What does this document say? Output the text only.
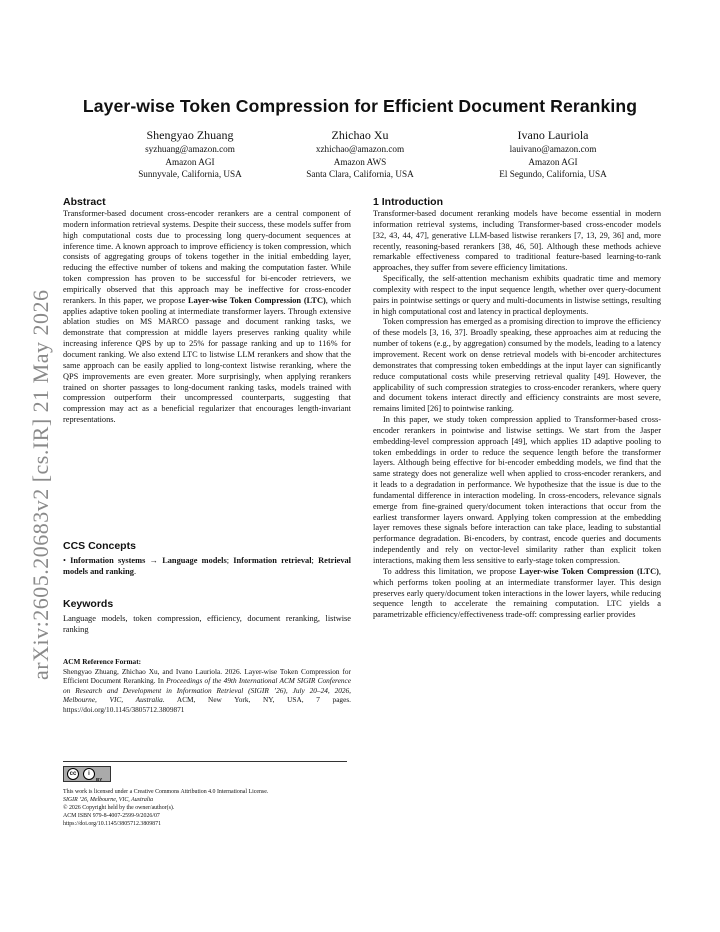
Layer-wise Token Compression for Efficient Document Reranking
Shengyao Zhuang
syzhuang@amazon.com
Amazon AGI
Sunnyvale, California, USA
Zhichao Xu
xzhichao@amazon.com
Amazon AWS
Santa Clara, California, USA
Ivano Lauriola
lauivano@amazon.com
Amazon AGI
El Segundo, California, USA
arXiv:2605.20683v2 [cs.IR] 21 May 2026
Abstract

Transformer-based document cross-encoder rerankers are a central component of modern information retrieval systems. Despite their success, these models suffer from high computational costs due to processing long query-document sequences at inference time. A known approach to improve efficiency is token compression, which consists of aggregating groups of tokens together in the initial embedding layer, reducing the effective number of tokens and making the computation faster. While token compression has proven to be successful for bi-encoder retrievers, we empirically observed that this approach may be ineffective for cross-encoder rerankers. In this paper, we propose Layer-wise Token Compression (LTC), which applies adaptive token pooling at intermediate transformer layers. Through extensive ablation studies on MS MARCO passage and document ranking tasks, we demonstrate that compression at middle layers preserves ranking quality while increasing inference QPS by up to 25% for passage ranking and up to 116% for document ranking. We also extend LTC to listwise LLM rerankers and show that the same approach can be easily applied to long-context listwise reranking, where the QPS improvements are even greater. More surprisingly, when applying rerankers trained on shorter passages to long-document ranking tasks, models trained with compression outperform their uncompressed counterparts, suggesting that compression may act as a beneficial regularizer that encourages length-invariant representations.

CCS Concepts

• Information systems → Language models; Information retrieval; Retrieval models and ranking.

Keywords

Language models, token compression, efficiency, document reranking, listwise ranking

ACM Reference Format:

Shengyao Zhuang, Zhichao Xu, and Ivano Lauriola. 2026. Layer-wise Token Compression for Efficient Document Reranking. In Proceedings of the 49th International ACM SIGIR Conference on Research and Development in Information Retrieval (SIGIR ’26), July 20–24, 2026, Melbourne, VIC, Australia. ACM, New York, NY, USA, 7 pages. https://doi.org/10.1145/3805712.3809871

cc	i
BY
This work is licensed under a Creative Commons Attribution 4.0 International License.
SIGIR ’26, Melbourne, VIC, Australia
© 2026 Copyright held by the owner/author(s).
ACM ISBN 979-8-4007-2599-9/2026/07
https://doi.org/10.1145/3805712.3809871
1 Introduction

Transformer-based document reranking models have become essential in modern information retrieval systems, including Transformer-based cross-encoder models [32, 43, 44, 47], generative LLM-based listwise rerankers [7, 13, 29, 36] and, more recently, reasoning-based rerankers [38, 46, 50]. Although these methods achieve remarkable effectiveness compared to traditional feature-based learning-to-rank approaches, they suffer from severe efficiency limitations.

Specifically, the self-attention mechanism exhibits quadratic time and memory complexity with respect to the input sequence length, whether over query-document pairs in pointwise settings or query and multi-documents in listwise settings, resulting in high computational cost and latency in practical deployments.

Token compression has emerged as a promising direction to improve the efficiency of these models [3, 16, 37]. Broadly speaking, these approaches aim at reducing the number of tokens (e.g., by aggregation) consumed by the models, leading to a latency improvement. Recent work on dense retrieval models with bi-encoder architectures demonstrates that compressing token embeddings at the input layer can significantly reduce computational costs while preserving retrieval quality [49]. However, the applicability of such compression strategies to cross-encoder rerankers, where query and document tokens interact directly and efficiency constraints are most severe, remains limited [26] to pointwise ranking.

In this paper, we study token compression applied to Transformer-based cross-encoder rerankers in pointwise and listwise settings. We start from the Jasper embedding-level compression approach [49], which applies 1D adaptive pooling to token embeddings in order to reduce the sequence length before the transformer layers. Although being effective for bi-encoder embedding models, we find that the same strategy does not generalize well when applied to cross-encoder rerankers, and it leads to a degradation in performance. We hypothesize that the issue is due to the fundamental difference in interaction modeling. In cross-encoders, relevance signals emerge from fine-grained query/document token interactions that occur from the earliest transformer layers onward. Applying token compression at the embedding layer removes these signals before interaction can take place, leading to substantial performance degradation. Bi-encoders, by contrast, encode queries and documents independently and rely on vector-level similarity rather than explicit token interactions, making them less sensitive to early-stage token compression.

To address this limitation, we propose Layer-wise Token Compression (LTC), which performs token pooling at an intermediate transformer layer. This design preserves early query/document token interactions in the lower layers, while reducing sequence length to accelerate the remaining computation. LTC yields a parametrizable efficiency/effectiveness trade-off: compressing earlier provides
